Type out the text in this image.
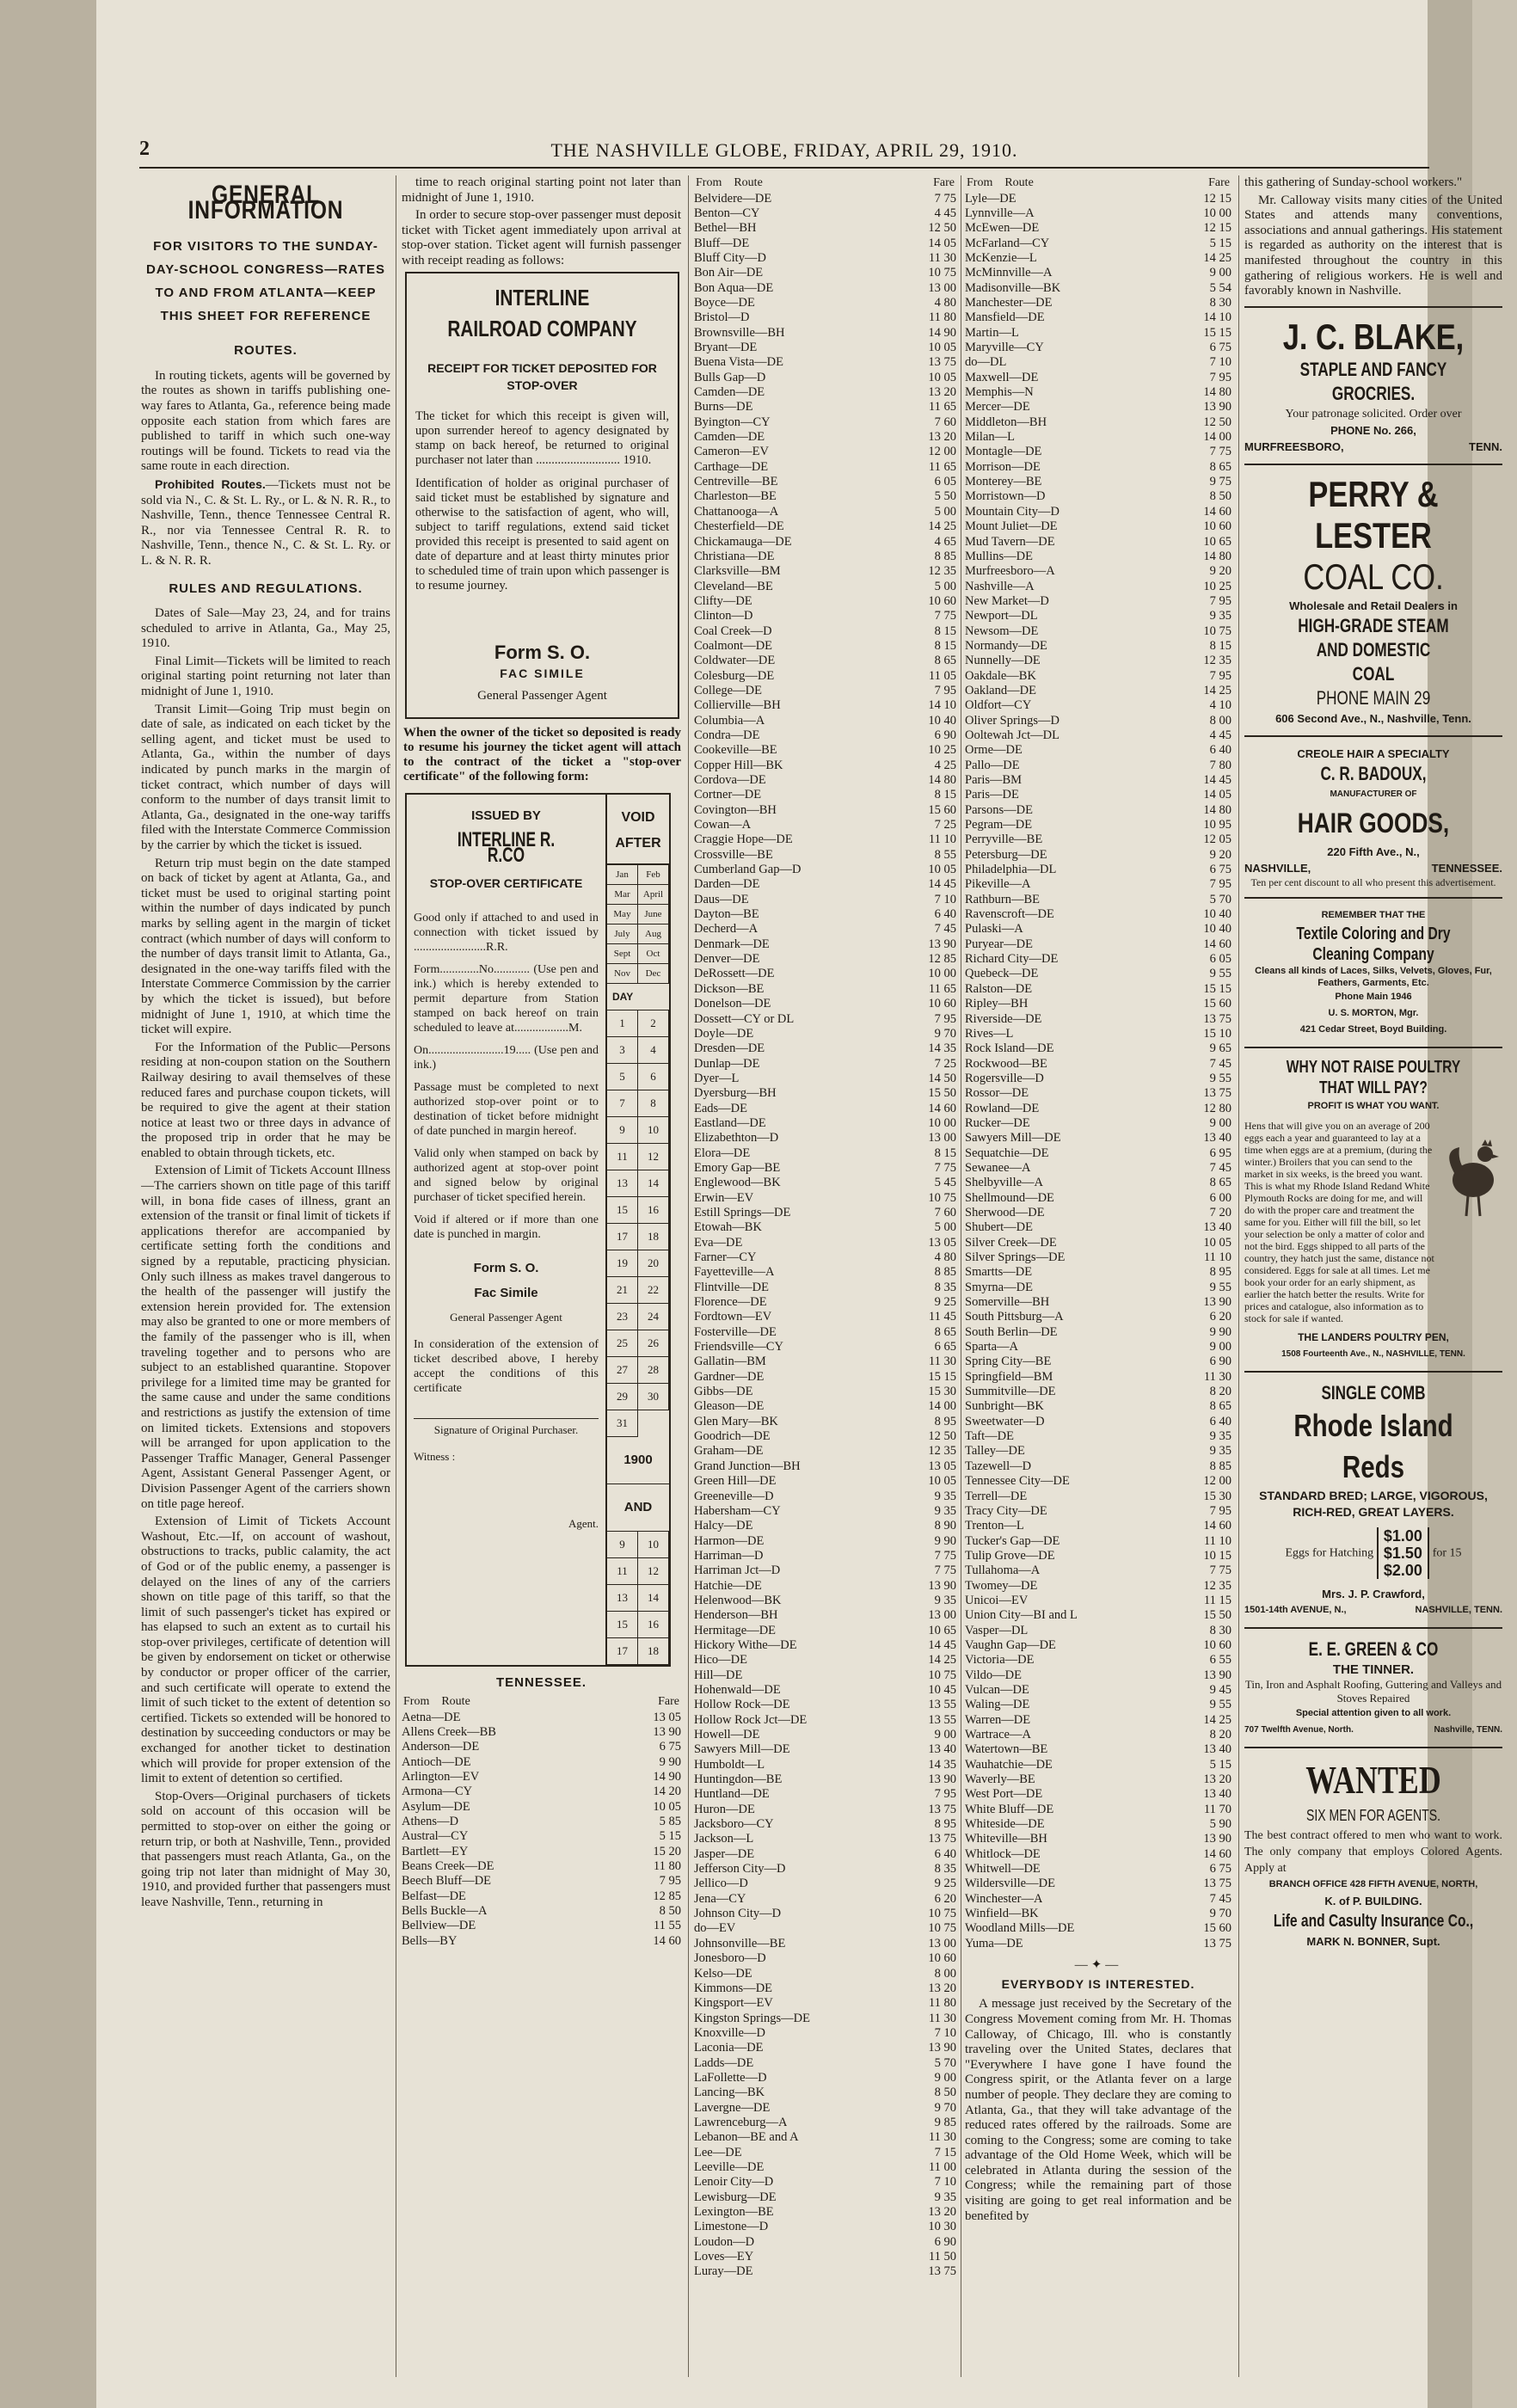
2	THE NASHVILLE GLOBE, FRIDAY, APRIL 29, 1910.
GENERAL INFORMATION
FOR VISITORS TO THE SUNDAY-DAY-SCHOOL CONGRESS—RATES TO AND FROM ATLANTA—KEEP THIS SHEET FOR REFERENCE
ROUTES.

In routing tickets, agents will be governed by the routes as shown in tariffs publishing one-way fares to Atlanta, Ga., reference being made opposite each station from which fares are published to tariff in which such one-way routings will be found. Tickets to read via the same route in each direction.

Prohibited Routes.—Tickets must not be sold via N., C. & St. L. Ry., or L. & N. R. R., to Nashville, Tenn., thence Tennessee Central R. R., nor via Tennessee Central R. R. to Nashville, Tenn., thence N., C. & St. L. Ry. or L. & N. R. R.

RULES AND REGULATIONS.

Dates of Sale—May 23, 24, and for trains scheduled to arrive in Atlanta, Ga., May 25, 1910.

Final Limit—Tickets will be limited to reach original starting point returning not later than midnight of June 1, 1910.

Transit Limit—Going Trip must begin on date of sale, as indicated on each ticket by the selling agent, and ticket must be used to Atlanta, Ga., within the number of days indicated by punch marks in the margin of ticket contract, which number of days will conform to the number of days transit limit to Atlanta, Ga., designated in the one-way tariffs filed with the Interstate Commerce Commission by the carrier by which the ticket is issued.

Return trip must begin on the date stamped on back of ticket by agent at Atlanta, Ga., and ticket must be used to original starting point within the number of days indicated by punch marks by selling agent in the margin of ticket contract (which number of days will conform to the number of days transit limit to Atlanta, Ga., designated in the one-way tariffs filed with the Interstate Commerce Commission by the carrier by which the ticket is issued), but before midnight of June 1, 1910, at which time the ticket will expire.

For the Information of the Public—Persons residing at non-coupon station on the Southern Railway desiring to avail themselves of these reduced fares and purchase coupon tickets, will be required to give the agent at their station notice at least two or three days in advance of the proposed trip in order that he may be enabled to obtain through tickets, etc.

Extension of Limit of Tickets Account Illness—The carriers shown on title page of this tariff will, in bona fide cases of illness, grant an extension of the transit or final limit of tickets if applications therefor are accompanied by certificate setting forth the conditions and signed by a reputable, practicing physician. Only such illness as makes travel dangerous to the health of the passenger will justify the extension herein provided for. The extension may also be granted to one or more members of the family of the passenger who is ill, when traveling together and to persons who are subject to an established quarantine. Stopover privilege for a limited time may be granted for the same cause and under the same conditions and restrictions as justify the extension of time on limited tickets. Extensions and stopovers will be arranged for upon application to the Passenger Traffic Manager, General Passenger Agent, Assistant General Passenger Agent, or Division Passenger Agent of the carriers shown on title page hereof.

Extension of Limit of Tickets Account Washout, Etc.—If, on account of washout, obstructions to tracks, public calamity, the act of God or of the public enemy, a passenger is delayed on the lines of any of the carriers shown on title page of this tariff, so that the limit of such passenger's ticket has expired or has elapsed to such an extent as to curtail his stop-over privileges, certificate of detention will be given by endorsement on ticket or otherwise by conductor or proper officer of the carrier, and such certificate will operate to extend the limit of such ticket to the extent of detention so certified. Tickets so extended will be honored to destination by succeeding conductors or may be exchanged for another ticket to destination which will provide for proper extension of the limit to extent of detention so certified.

Stop-Overs—Original purchasers of tickets sold on account of this occasion will be permitted to stop-over on either the going or return trip, or both at Nashville, Tenn., provided that passengers must reach Atlanta, Ga., on the going trip not later than midnight of May 30, 1910, and provided further that passengers must leave Nashville, Tenn., returning in

time to reach original starting point not later than midnight of June 1, 1910.

In order to secure stop-over passenger must deposit ticket with Ticket agent immediately upon arrival at stop-over station. Ticket agent will furnish passenger with receipt reading as follows:

INTERLINE
RAILROAD COMPANY
RECEIPT FOR TICKET DEPOSITED FOR STOP-OVER

The ticket for which this receipt is given will, upon surrender hereof to agency designated by stamp on back hereof, be returned to original purchaser not later than ........................... 1910.

Identification of holder as original purchaser of said ticket must be established by signature and otherwise to the satisfaction of agent, who will, subject to tariff regulations, extend said ticket provided this receipt is presented to said agent on date of departure and at least thirty minutes prior to scheduled time of train upon which passenger is to resume journey.

Form S. O.
FAC SIMILE
General Passenger Agent
When the owner of the ticket so deposited is ready to resume his journey the ticket agent will attach to the contract of the ticket a "stop-over certificate" of the following form:
ISSUED BY
INTERLINE R. R.CO
STOP-OVER CERTIFICATE

Good only if attached to and used in connection with ticket issued by ........................R.R.

Form.............No............ (Use pen and ink.) which is hereby extended to permit departure from Station stamped on back hereof on train scheduled to leave at..................M.

On.........................19..... (Use pen and ink.)

Passage must be completed to next authorized stop-over point or to destination of ticket before midnight of date punched in margin hereof.

Valid only when stamped on back by authorized agent at stop-over point and signed below by original purchaser of ticket specified herein.

Void if altered or if more than one date is punched in margin.

Form S. O.
Fac Simile
General Passenger Agent

In consideration of the extension of ticket described above, I hereby accept the conditions of this certificate

Signature of Original Purchaser.
Witness :
Agent.
VOID AFTER
Jan	Feb
Mar	April
May	June
July	Aug
Sept	Oct
Nov	Dec
DAY
1	2
3	4
5	6
7	8
9	10
11	12
13	14
15	16
17	18
19	20
21	22
23	24
25	26
27	28
29	30
31
1900
AND
9	10
11	12
13	14
15	16
17	18
TENNESSEE.
From Route	Fare
Aetna—DE	13 05
Allens Creek—BB	13 90
Anderson—DE	6 75
Antioch—DE	9 90
Arlington—EV	14 90
Armona—CY	14 20
Asylum—DE	10 05
Athens—D	5 85
Austral—CY	5 15
Bartlett—EY	15 20
Beans Creek—DE	11 80
Beech Bluff—DE	7 95
Belfast—DE	12 85
Bells Buckle—A	8 50
Bellview—DE	11 55
Bells—BY	14 60
From Route	Fare
Belvidere—DE	7 75
Benton—CY	4 45
Bethel—BH	12 50
Bluff—DE	14 05
Bluff City—D	11 30
Bon Air—DE	10 75
Bon Aqua—DE	13 00
Boyce—DE	4 80
Bristol—D	11 80
Brownsville—BH	14 90
Bryant—DE	10 05
Buena Vista—DE	13 75
Bulls Gap—D	10 05
Camden—DE	13 20
Burns—DE	11 65
Byington—CY	7 60
Camden—DE	13 20
Cameron—EV	12 00
Carthage—DE	11 65
Centreville—BE	6 05
Charleston—BE	5 50
Chattanooga—A	5 00
Chesterfield—DE	14 25
Chickamauga—DE	4 65
Christiana—DE	8 85
Clarksville—BM	12 35
Cleveland—BE	5 00
Clifty—DE	10 60
Clinton—D	7 75
Coal Creek—D	8 15
Coalmont—DE	8 15
Coldwater—DE	8 65
Colesburg—DE	11 05
College—DE	7 95
Collierville—BH	14 10
Columbia—A	10 40
Condra—DE	6 90
Cookeville—BE	10 25
Copper Hill—BK	4 25
Cordova—DE	14 80
Cortner—DE	8 15
Covington—BH	15 60
Cowan—A	7 25
Craggie Hope—DE	11 10
Crossville—BE	8 55
Cumberland Gap—D	10 05
Darden—DE	14 45
Daus—DE	7 10
Dayton—BE	6 40
Decherd—A	7 45
Denmark—DE	13 90
Denver—DE	12 85
DeRossett—DE	10 00
Dickson—BE	11 65
Donelson—DE	10 60
Dossett—CY or DL	7 95
Doyle—DE	9 70
Dresden—DE	14 35
Dunlap—DE	7 25
Dyer—L	14 50
Dyersburg—BH	15 50
Eads—DE	14 60
Eastland—DE	10 00
Elizabethton—D	13 00
Elora—DE	8 15
Emory Gap—BE	7 75
Englewood—BK	5 45
Erwin—EV	10 75
Estill Springs—DE	7 60
Etowah—BK	5 00
Eva—DE	13 05
Farner—CY	4 80
Fayetteville—A	8 85
Flintville—DE	8 35
Florence—DE	9 25
Fordtown—EV	11 45
Fosterville—DE	8 65
Friendsville—CY	6 65
Gallatin—BM	11 30
Gardner—DE	15 15
Gibbs—DE	15 30
Gleason—DE	14 00
Glen Mary—BK	8 95
Goodrich—DE	12 50
Graham—DE	12 35
Grand Junction—BH	13 05
Green Hill—DE	10 05
Greeneville—D	9 35
Habersham—CY	9 35
Halcy—DE	8 90
Harmon—DE	9 90
Harriman—D	7 75
Harriman Jct—D	7 75
Hatchie—DE	13 90
Helenwood—BK	9 35
Henderson—BH	13 00
Hermitage—DE	10 65
Hickory Withe—DE	14 45
Hico—DE	14 25
Hill—DE	10 75
Hohenwald—DE	10 45
Hollow Rock—DE	13 55
Hollow Rock Jct—DE	13 55
Howell—DE	9 00
Sawyers Mill—DE	13 40
Humboldt—L	14 35
Huntingdon—BE	13 90
Huntland—DE	7 95
Huron—DE	13 75
Jacksboro—CY	8 95
Jackson—L	13 75
Jasper—DE	6 40
Jefferson City—D	8 35
Jellico—D	9 25
Jena—CY	6 20
Johnson City—D	10 75
do—EV	10 75
Johnsonville—BE	13 00
Jonesboro—D	10 60
Kelso—DE	8 00
Kimmons—DE	13 20
Kingsport—EV	11 80
Kingston Springs—DE	11 30
Knoxville—D	7 10
Laconia—DE	13 90
Ladds—DE	5 70
LaFollette—D	9 00
Lancing—BK	8 50
Lavergne—DE	9 70
Lawrenceburg—A	9 85
Lebanon—BE and A	11 30
Lee—DE	7 15
Leeville—DE	11 00
Lenoir City—D	7 10
Lewisburg—DE	9 35
Lexington—BE	13 20
Limestone—D	10 30
Loudon—D	6 90
Loves—EY	11 50
Luray—DE	13 75
From Route	Fare
Lyle—DE	12 15
Lynnville—A	10 00
McEwen—DE	12 15
McFarland—CY	5 15
McKenzie—L	14 25
McMinnville—A	9 00
Madisonville—BK	5 54
Manchester—DE	8 30
Mansfield—DE	14 10
Martin—L	15 15
Maryville—CY	6 75
do—DL	7 10
Maxwell—DE	7 95
Memphis—N	14 80
Mercer—DE	13 90
Middleton—BH	12 50
Milan—L	14 00
Montagle—DE	7 75
Morrison—DE	8 65
Monterey—BE	9 75
Morristown—D	8 50
Mountain City—D	14 60
Mount Juliet—DE	10 60
Mud Tavern—DE	10 65
Mullins—DE	14 80
Murfreesboro—A	9 20
Nashville—A	10 25
New Market—D	7 95
Newport—DL	9 35
Newsom—DE	10 75
Normandy—DE	8 15
Nunnelly—DE	12 35
Oakdale—BK	7 95
Oakland—DE	14 25
Oldfort—CY	4 10
Oliver Springs—D	8 00
Ooltewah Jct—DL	4 45
Orme—DE	6 40
Pallo—DE	7 80
Paris—BM	14 45
Paris—DE	14 05
Parsons—DE	14 80
Pegram—DE	10 95
Perryville—BE	12 05
Petersburg—DE	9 20
Philadelphia—DL	6 75
Pikeville—A	7 95
Rathburn—BE	5 70
Ravenscroft—DE	10 40
Pulaski—A	10 40
Puryear—DE	14 60
Richard City—DE	6 05
Quebeck—DE	9 55
Ralston—DE	15 15
Ripley—BH	15 60
Riverside—DE	13 75
Rives—L	15 10
Rock Island—DE	9 65
Rockwood—BE	7 45
Rogersville—D	9 55
Rossor—DE	13 75
Rowland—DE	12 80
Rucker—DE	9 00
Sawyers Mill—DE	13 40
Sequatchie—DE	6 95
Sewanee—A	7 45
Shelbyville—A	8 65
Shellmound—DE	6 00
Sherwood—DE	7 20
Shubert—DE	13 40
Silver Creek—DE	10 05
Silver Springs—DE	11 10
Smartts—DE	8 95
Smyrna—DE	9 55
Somerville—BH	13 90
South Pittsburg—A	6 20
South Berlin—DE	9 90
Sparta—A	9 00
Spring City—BE	6 90
Springfield—BM	11 30
Summitville—DE	8 20
Sunbright—BK	8 65
Sweetwater—D	6 40
Taft—DE	9 35
Talley—DE	9 35
Tazewell—D	8 85
Tennessee City—DE	12 00
Terrell—DE	15 30
Tracy City—DE	7 95
Trenton—L	14 60
Tucker's Gap—DE	11 10
Tulip Grove—DE	10 15
Tullahoma—A	7 75
Twomey—DE	12 35
Unicoi—EV	11 15
Union City—BI and L	15 50
Vasper—DL	8 30
Vaughn Gap—DE	10 60
Victoria—DE	6 55
Vildo—DE	13 90
Vulcan—DE	9 45
Waling—DE	9 55
Warren—DE	14 25
Wartrace—A	8 20
Watertown—BE	13 40
Wauhatchie—DE	5 15
Waverly—BE	13 20
West Port—DE	13 40
White Bluff—DE	11 70
Whiteside—DE	5 90
Whiteville—BH	13 90
Whitlock—DE	14 60
Whitwell—DE	6 75
Wildersville—DE	13 75
Winchester—A	7 45
Winfield—BK	9 70
Woodland Mills—DE	15 60
Yuma—DE	13 75
—✦—
EVERYBODY IS INTERESTED.

A message just received by the Secretary of the Congress Movement coming from Mr. H. Thomas Calloway, of Chicago, Ill. who is constantly traveling over the United States, declares that "Everywhere I have gone I have found the Congress spirit, or the Atlanta fever on a large number of people. They declare they are coming to Atlanta, Ga., that they will take advantage of the reduced rates offered by the railroads. Some are coming to the Congress; some are coming to take advantage of the Old Home Week, which will be celebrated in Atlanta during the session of the Congress; while the remaining part of those visiting are going to get real information and be benefited by

this gathering of Sunday-school workers."

Mr. Calloway visits many cities of the United States and attends many conventions, associations and annual gatherings. His statement is regarded as authority on the interest that is manifested throughout the country in this gathering of religious workers. He is well and favorably known in Nashville.

J. C. BLAKE,
STAPLE AND FANCY GROCRIES.
Your patronage solicited. Order over
PHONE No. 266,
MURFREESBORO,	TENN.
PERRY & LESTER
COAL CO.
Wholesale and Retail Dealers in
HIGH-GRADE STEAM
AND DOMESTIC
COAL
PHONE MAIN 29
606 Second Ave., N., Nashville, Tenn.
CREOLE HAIR A SPECIALTY
C. R. BADOUX,
MANUFACTURER OF
HAIR GOODS,
220 Fifth Ave., N.,
NASHVILLE,	TENNESSEE.
Ten per cent discount to all who present this advertisement.
REMEMBER THAT THE
Textile Coloring and Dry Cleaning Company
Cleans all kinds of Laces, Silks, Velvets, Gloves, Fur, Feathers, Garments, Etc.
Phone Main 1946
U. S. MORTON, Mgr.
421 Cedar Street, Boyd Building.
WHY NOT RAISE POULTRY THAT WILL PAY?
PROFIT IS WHAT YOU WANT.
Hens that will give you on an average of 200 eggs each a year and guaranteed to lay at a time when eggs are at a premium, (during the winter.) Broilers that you can send to the market in six weeks, is the breed you want. This is what my Rhode Island Redand White Plymouth Rocks are doing for me, and will do with the proper care and treatment the same for you. Either will fill the bill, so let your selection be only a matter of color and not the bird. Eggs shipped to all parts of the country, they hatch just the same, distance not considered. Eggs for sale at all times. Let me book your order for an early shipment, as earlier the hatch better the results. Write for prices and catalogue, also information as to stock for sale if wanted.
THE LANDERS POULTRY PEN,
1508 Fourteenth Ave., N., NASHVILLE, TENN.
SINGLE COMB
Rhode Island Reds
STANDARD BRED; LARGE, VIGOROUS, RICH-RED, GREAT LAYERS.
Eggs for Hatching $1.00
$1.50
$2.00 for 15
Mrs. J. P. Crawford,
1501-14th AVENUE, N.,	NASHVILLE, TENN.
E. E. GREEN & CO
THE TINNER.
Tin, Iron and Asphalt Roofing, Guttering and Valleys and Stoves Repaired
Special attention given to all work.
707 Twelfth Avenue, North.	Nashville, TENN.
WANTED
SIX MEN FOR AGENTS.
The best contract offered to men who want to work. The only company that employs Colored Agents. Apply at
BRANCH OFFICE 428 FIFTH AVENUE, NORTH,
K. of P. BUILDING.
Life and Casulty Insurance Co.,
MARK N. BONNER, Supt.
